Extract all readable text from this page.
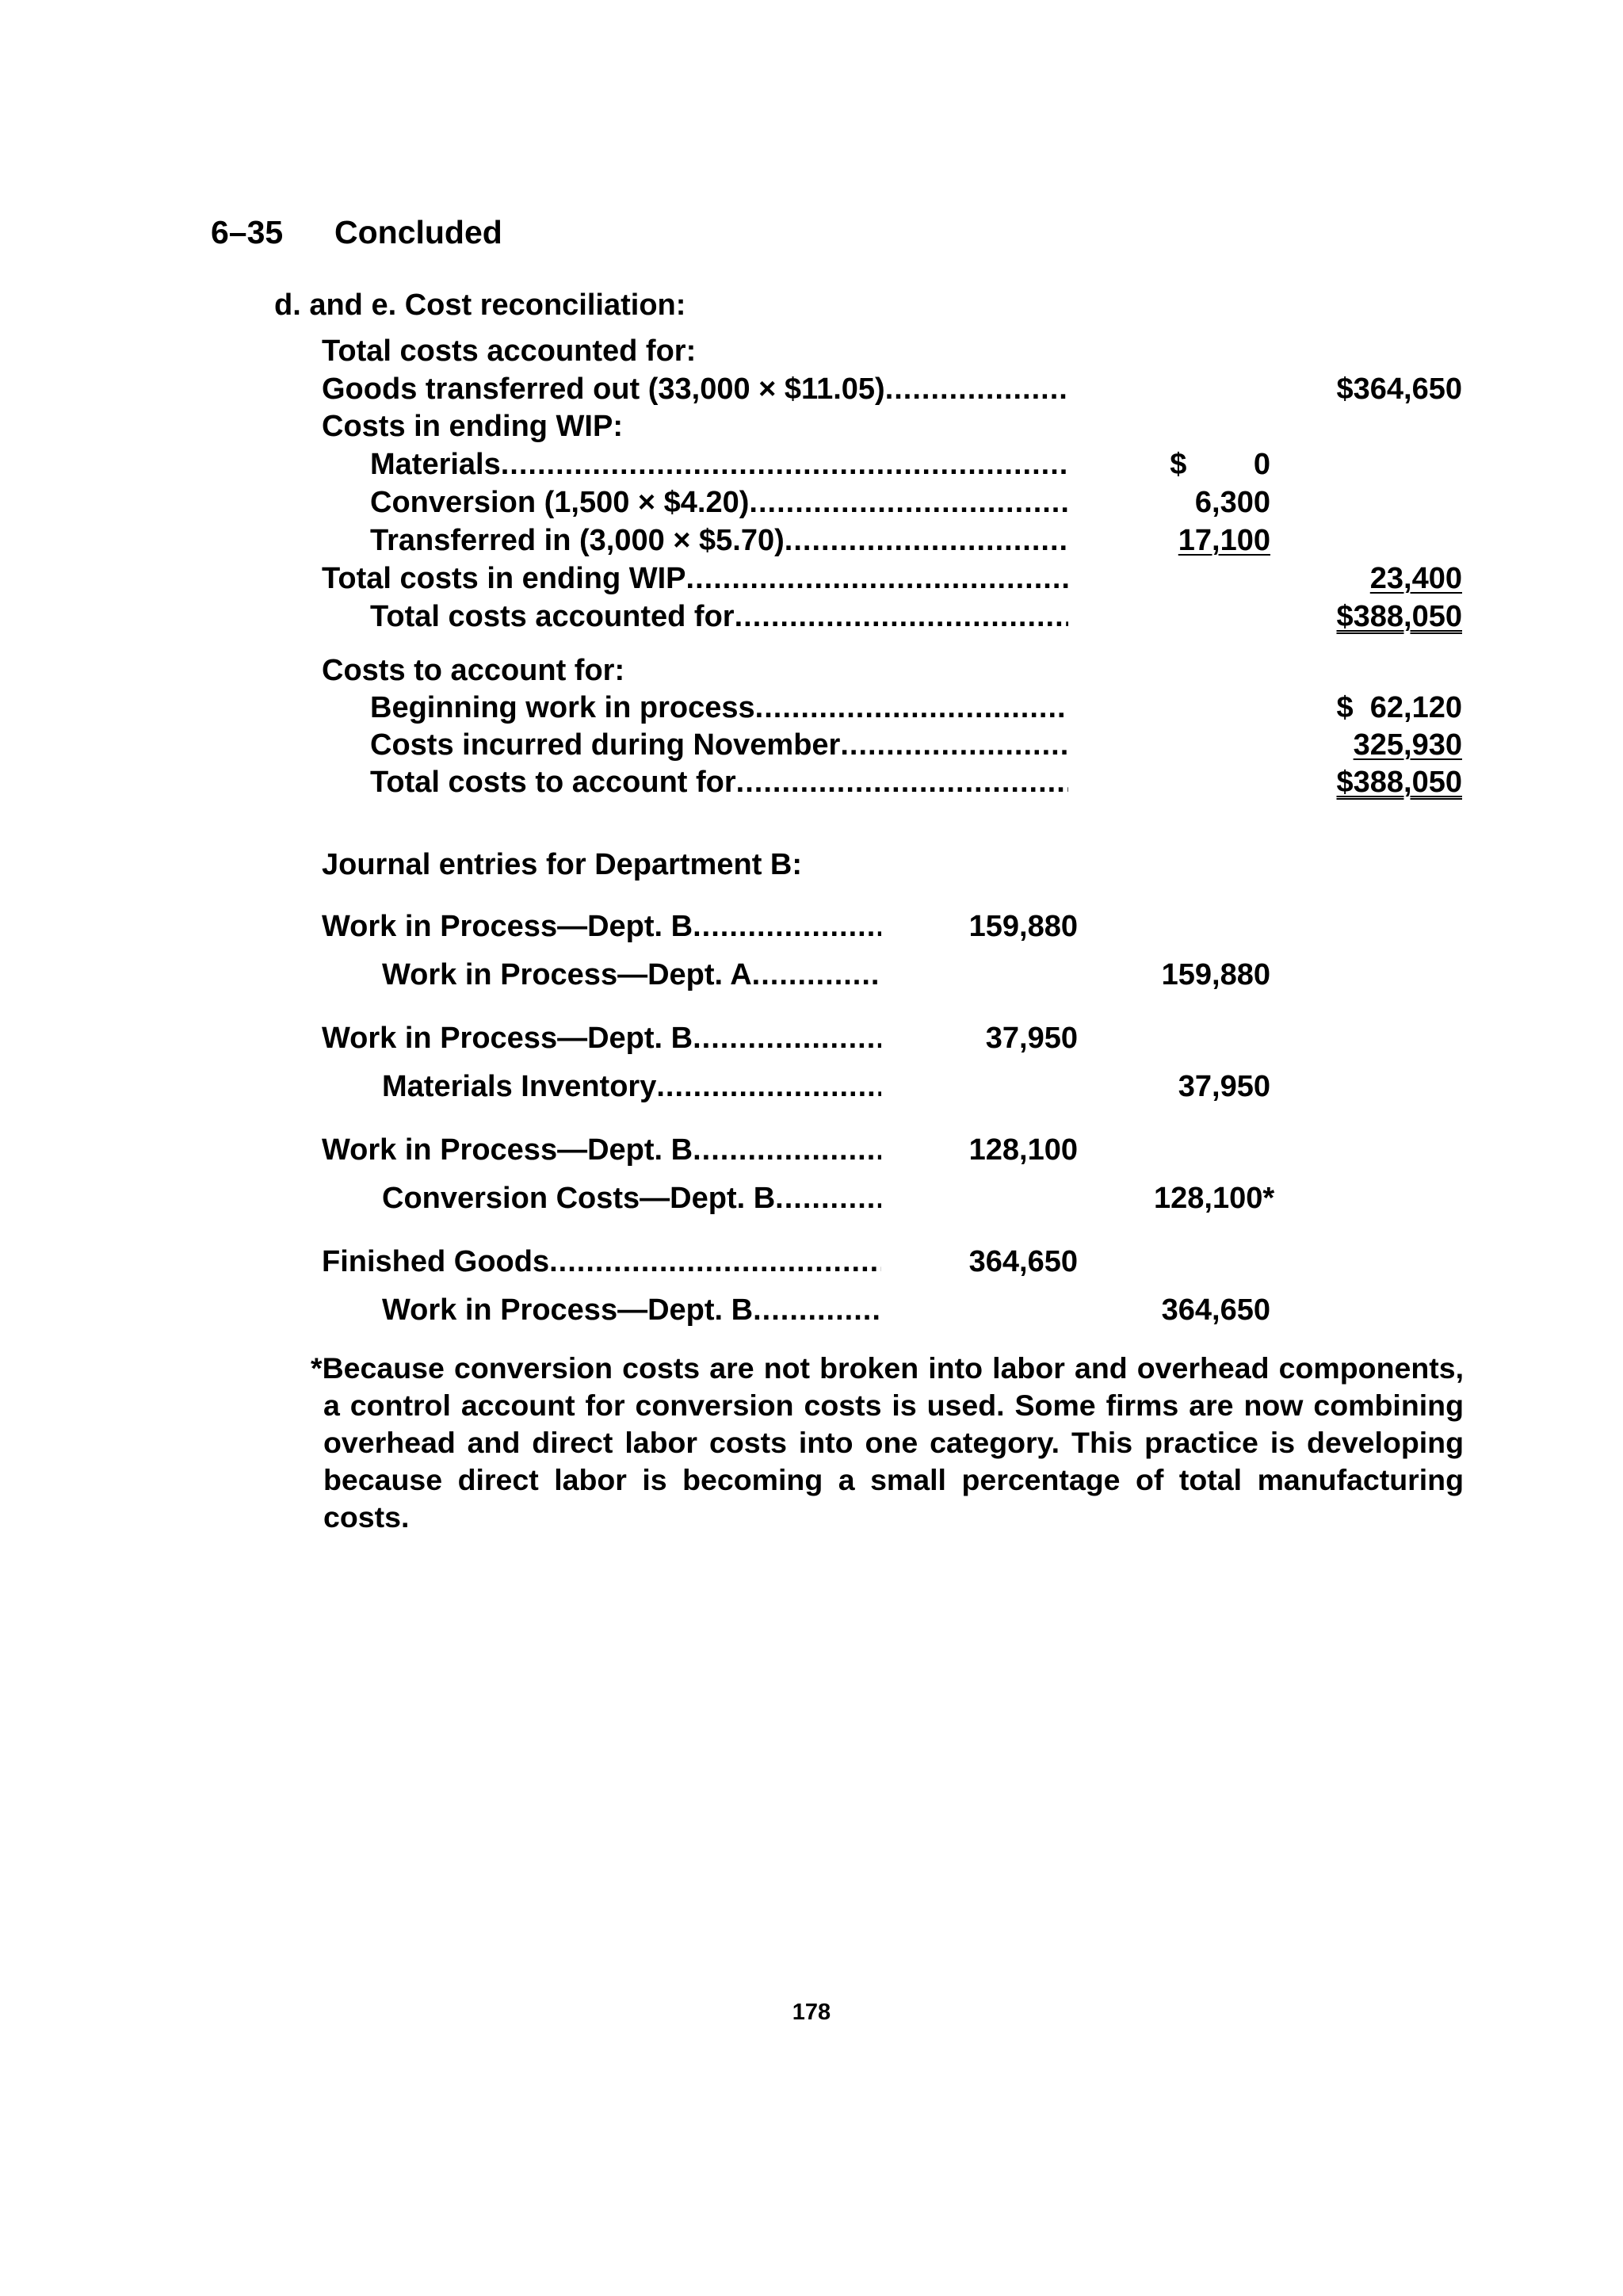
6–35 Concluded
d. and e. Cost reconciliation:
Total costs accounted for:
Goods transferred out (33,000 × $11.05) .....	$364,650
Costs in ending WIP:
Materials .....	$        0
Conversion (1,500 × $4.20) .....	6,300
Transferred in (3,000 × $5.70) .....	17,100
Total costs in ending WIP .....	23,400
Total costs accounted for .....	$388,050
Costs to account for:
Beginning work in process .....	$  62,120
Costs incurred during November .....	325,930
Total costs to account for .....	$388,050
Journal entries for Department B:
Work in Process—Dept. B .....	159,880
Work in Process—Dept. A .....	159,880
Work in Process—Dept. B .....	37,950
Materials Inventory .....	37,950
Work in Process—Dept. B .....	128,100
Conversion Costs—Dept. B .....	128,100*
Finished Goods .....	364,650
Work in Process—Dept. B .....	364,650
*Because conversion costs are not broken into labor and overhead components, a control account for conversion costs is used. Some firms are now combining overhead and direct labor costs into one category. This practice is developing because direct labor is becoming a small percentage of total manufacturing costs.
178
